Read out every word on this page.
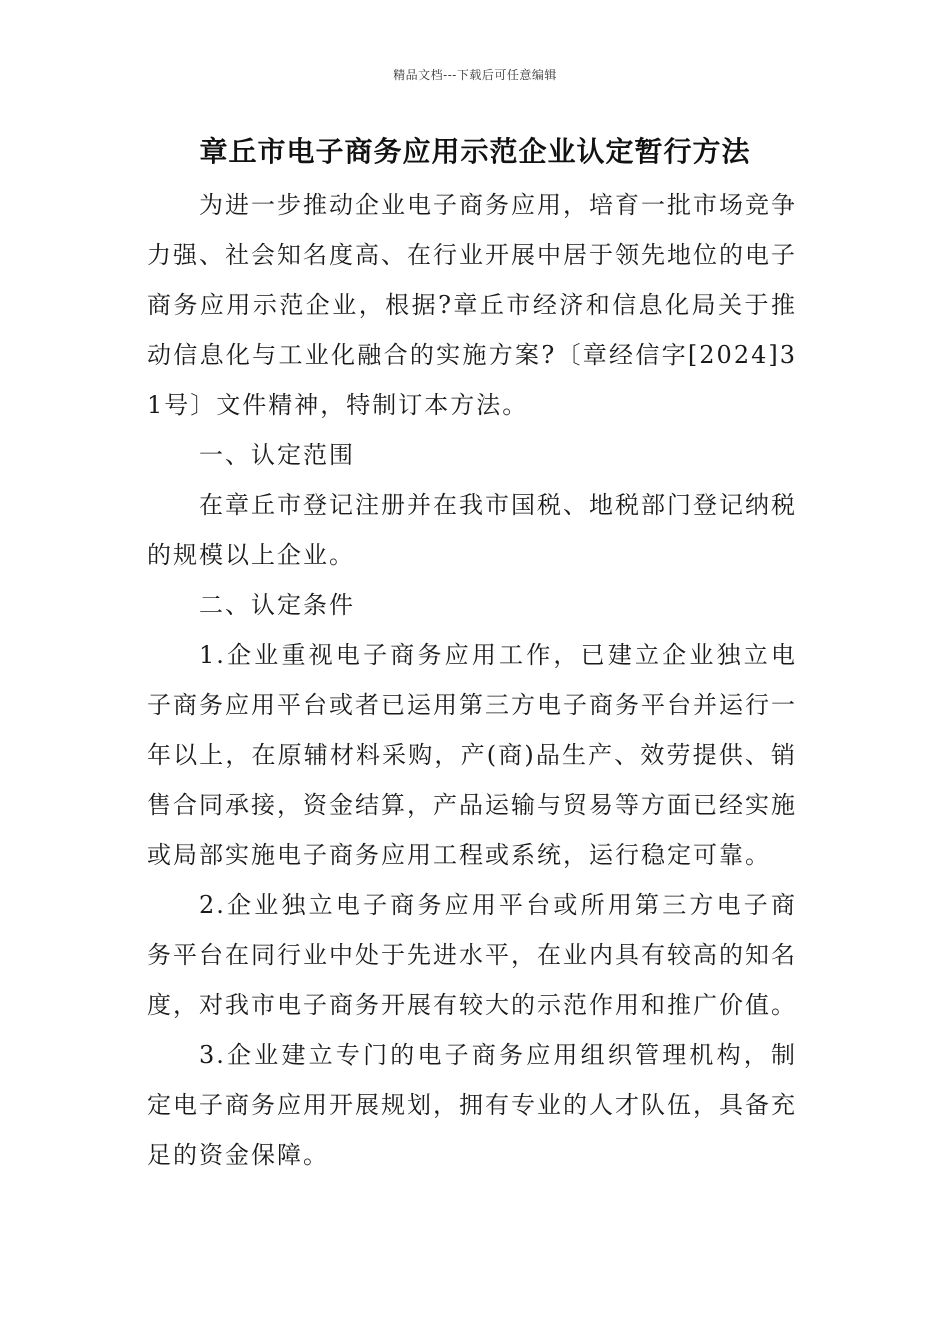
精品文档---下载后可任意编辑
章丘市电子商务应用示范企业认定暂行方法

为进一步推动企业电子商务应用，培育一批市场竞争力强、社会知名度高、在行业开展中居于领先地位的电子商务应用示范企业，根据?章丘市经济和信息化局关于推动信息化与工业化融合的实施方案?〔章经信字[2024]31号〕文件精神，特制订本方法。

一、认定范围

在章丘市登记注册并在我市国税、地税部门登记纳税的规模以上企业。

二、认定条件

1.企业重视电子商务应用工作，已建立企业独立电子商务应用平台或者已运用第三方电子商务平台并运行一年以上，在原辅材料采购，产(商)品生产、效劳提供、销售合同承接，资金结算，产品运输与贸易等方面已经实施或局部实施电子商务应用工程或系统，运行稳定可靠。

2.企业独立电子商务应用平台或所用第三方电子商务平台在同行业中处于先进水平，在业内具有较高的知名度，对我市电子商务开展有较大的示范作用和推广价值。

3.企业建立专门的电子商务应用组织管理机构，制定电子商务应用开展规划，拥有专业的人才队伍，具备充足的资金保障。
